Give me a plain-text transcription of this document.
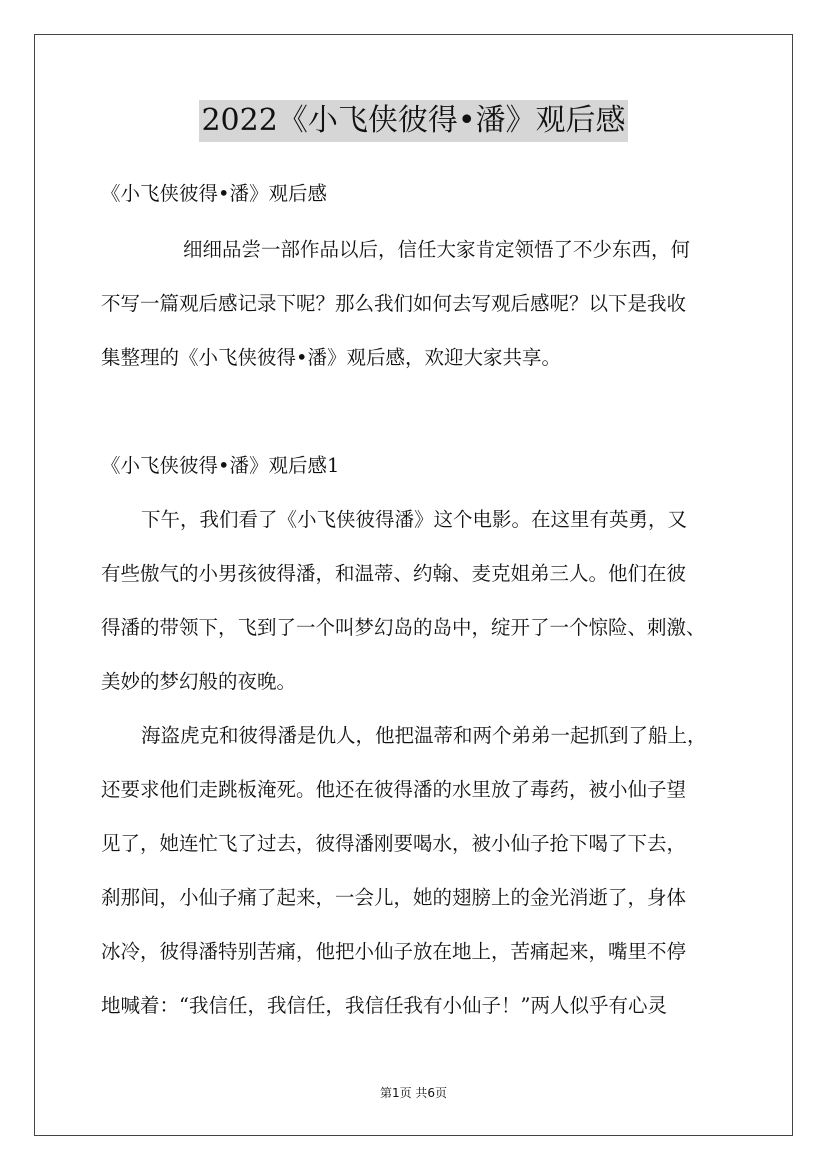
2022《小飞侠彼得•潘》观后感
《小飞侠彼得•潘》观后感
细细品尝一部作品以后，信任大家肯定领悟了不少东西，何
不写一篇观后感记录下呢？那么我们如何去写观后感呢？以下是我收
集整理的《小飞侠彼得•潘》观后感，欢迎大家共享。
《小飞侠彼得•潘》观后感1
下午，我们看了《小飞侠彼得潘》这个电影。在这里有英勇，又
有些傲气的小男孩彼得潘，和温蒂、约翰、麦克姐弟三人。他们在彼
得潘的带领下，飞到了一个叫梦幻岛的岛中，绽开了一个惊险、刺激、
美妙的梦幻般的夜晚。
海盗虎克和彼得潘是仇人，他把温蒂和两个弟弟一起抓到了船上，
还要求他们走跳板淹死。他还在彼得潘的水里放了毒药，被小仙子望
见了，她连忙飞了过去，彼得潘刚要喝水，被小仙子抢下喝了下去，
刹那间，小仙子痛了起来，一会儿，她的翅膀上的金光消逝了，身体
冰冷，彼得潘特别苦痛，他把小仙子放在地上，苦痛起来，嘴里不停
地喊着：“我信任，我信任，我信任我有小仙子！”两人似乎有心灵
第1页 共6页
